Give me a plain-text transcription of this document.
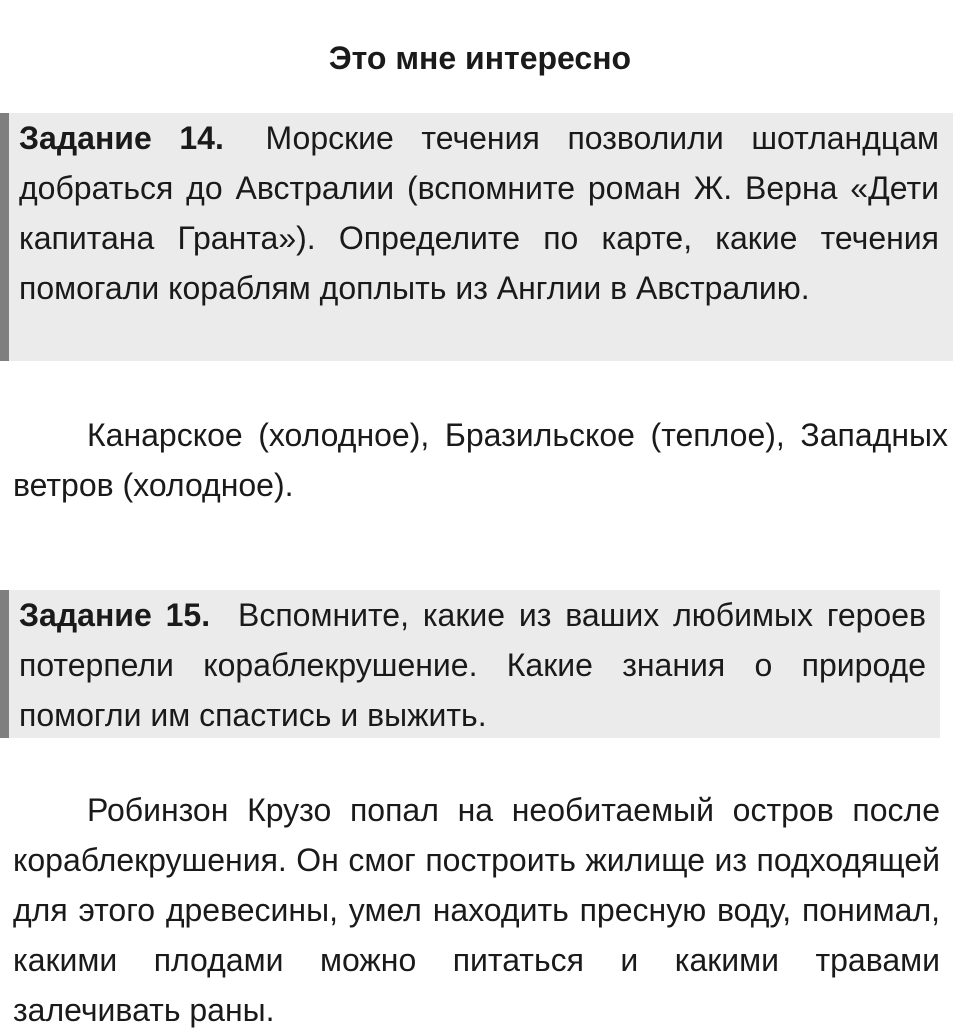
Это мне интересно
Задание 14. Морские течения позволили шотландцам добраться до Австралии (вспомните роман Ж. Верна «Дети капитана Гранта»). Определите по карте, какие течения помогали кораблям доплыть из Англии в Австралию.
Канарское (холодное), Бразильское (теплое), Западных ветров (холодное).
Задание 15. Вспомните, какие из ваших любимых героев потерпели кораблекрушение. Какие знания о природе помогли им спастись и выжить.
Робинзон Крузо попал на необитаемый остров после кораблекрушения. Он смог построить жилище из подходящей для этого древесины, умел находить пресную воду, понимал, какими плодами можно питаться и какими травами залечивать раны.
